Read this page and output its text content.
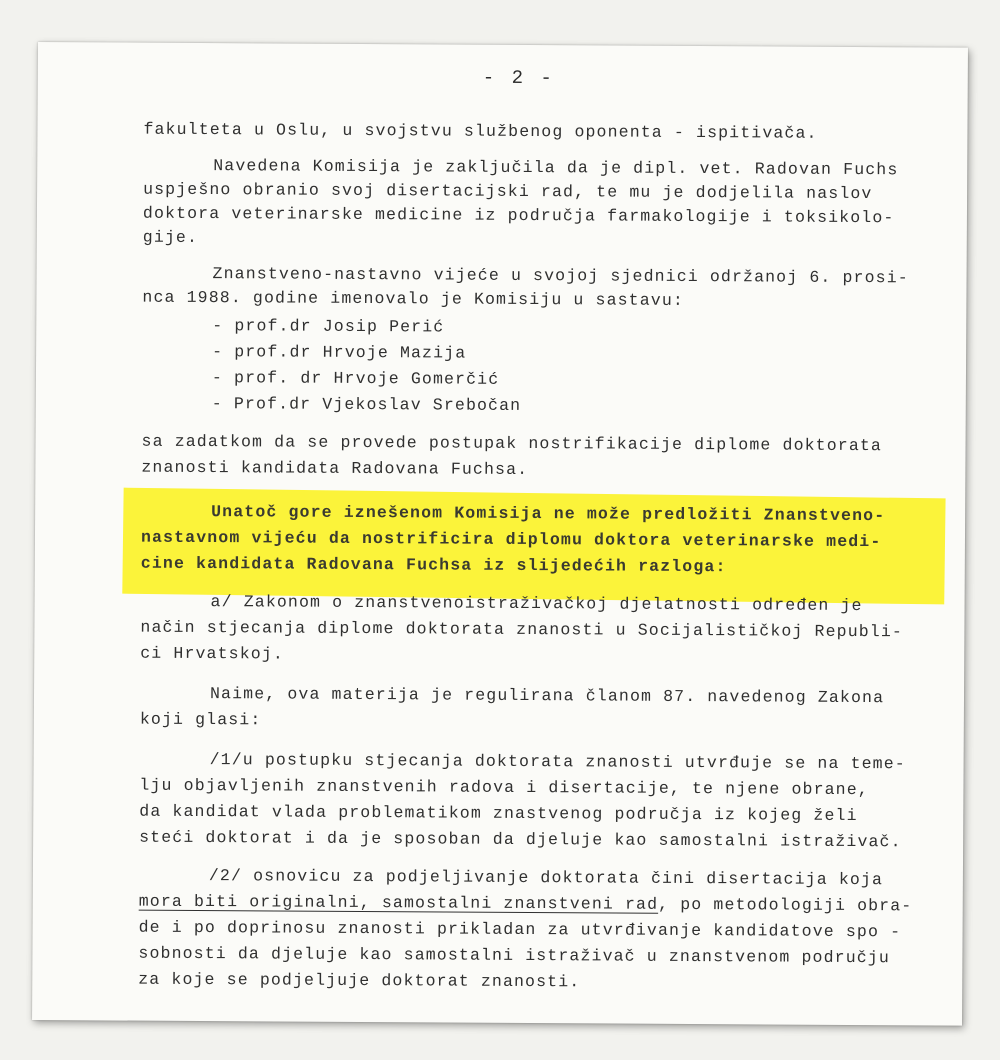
- 2 -
fakulteta u Oslu, u svojstvu službenog oponenta - ispitivača.
Navedena Komisija je zaključila da je dipl. vet. Radovan Fuchs
uspješno obranio svoj disertacijski rad, te mu je dodjelila naslov
doktora veterinarske medicine iz područja farmakologije i toksikolo-
gije.
Znanstveno-nastavno vijeće u svojoj sjednici održanoj 6. prosi-
nca 1988. godine imenovalo je Komisiju u sastavu:
- prof.dr Josip Perić
- prof.dr Hrvoje Mazija
- prof. dr Hrvoje Gomerčić
- Prof.dr Vjekoslav Srebočan
sa zadatkom da se provede postupak nostrifikacije diplome doktorata
znanosti kandidata Radovana Fuchsa.
Unatoč gore iznešenom Komisija ne može predložiti Znanstveno-
nastavnom vijeću da nostrificira diplomu doktora veterinarske medi-
cine kandidata Radovana Fuchsa iz slijedećih razloga:
a/ Zakonom o znanstvenoistraživačkoj djelatnosti određen je
način stjecanja diplome doktorata znanosti u Socijalističkoj Republi-
ci Hrvatskoj.
Naime, ova materija je regulirana članom 87. navedenog Zakona
koji glasi:
/1/u postupku stjecanja doktorata znanosti utvrđuje se na teme-
lju objavljenih znanstvenih radova i disertacije, te njene obrane,
da kandidat vlada problematikom znastvenog područja iz kojeg želi
steći doktorat i da je sposoban da djeluje kao samostalni istraživač.
/2/ osnovicu za podjeljivanje doktorata čini disertacija koja
mora biti originalni, samostalni znanstveni rad, po metodologiji obra-
de i po doprinosu znanosti prikladan za utvrđivanje kandidatove spo -
sobnosti da djeluje kao samostalni istraživač u znanstvenom području
za koje se podjeljuje doktorat znanosti.
